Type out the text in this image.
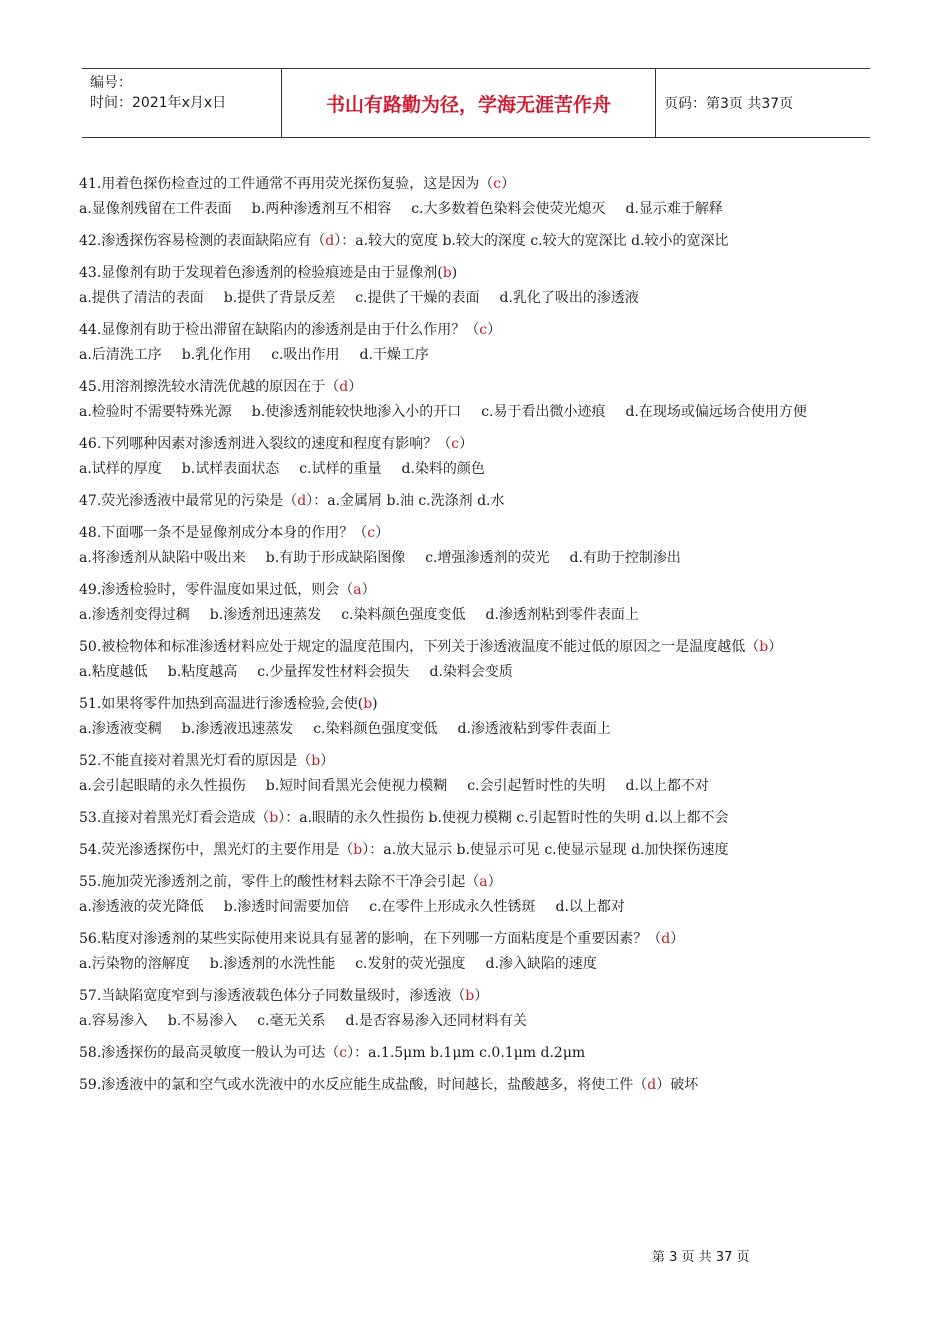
编号：
时间：2021年x月x日	书山有路勤为径，学海无涯苦作舟	页码：第3页 共37页

41.用着色探伤检查过的工件通常不再用荧光探伤复验，这是因为（c）

a.显像剂残留在工件表面 b.两种渗透剂互不相容 c.大多数着色染料会使荧光熄灭 d.显示难于解释

42.渗透探伤容易检测的表面缺陷应有（d）：a.较大的宽度 b.较大的深度 c.较大的宽深比 d.较小的宽深比

43.显像剂有助于发现着色渗透剂的检验痕迹是由于显像剂(b)

a.提供了清洁的表面 b.提供了背景反差 c.提供了干燥的表面 d.乳化了吸出的渗透液

44.显像剂有助于检出滞留在缺陷内的渗透剂是由于什么作用？（c）

a.后清洗工序 b.乳化作用 c.吸出作用 d.干燥工序

45.用溶剂擦洗较水清洗优越的原因在于（d）

a.检验时不需要特殊光源 b.使渗透剂能较快地渗入小的开口 c.易于看出微小迹痕 d.在现场或偏远场合使用方便

46.下列哪种因素对渗透剂进入裂纹的速度和程度有影响？（c）

a.试样的厚度 b.试样表面状态 c.试样的重量 d.染料的颜色

47.荧光渗透液中最常见的污染是（d）：a.金属屑 b.油 c.洗涤剂 d.水

48.下面哪一条不是显像剂成分本身的作用？（c）

a.将渗透剂从缺陷中吸出来 b.有助于形成缺陷图像 c.增强渗透剂的荧光 d.有助于控制渗出

49.渗透检验时，零件温度如果过低，则会（a）

a.渗透剂变得过稠 b.渗透剂迅速蒸发 c.染料颜色强度变低 d.渗透剂粘到零件表面上

50.被检物体和标准渗透材料应处于规定的温度范围内，下列关于渗透液温度不能过低的原因之一是温度越低（b）

a.粘度越低 b.粘度越高 c.少量挥发性材料会损失 d.染料会变质

51.如果将零件加热到高温进行渗透检验,会使(b)

a.渗透液变稠 b.渗透液迅速蒸发 c.染料颜色强度变低 d.渗透液粘到零件表面上

52.不能直接对着黑光灯看的原因是（b）

a.会引起眼睛的永久性损伤 b.短时间看黑光会使视力模糊 c.会引起暂时性的失明 d.以上都不对

53.直接对着黑光灯看会造成（b）：a.眼睛的永久性损伤 b.使视力模糊 c.引起暂时性的失明 d.以上都不会

54.荧光渗透探伤中，黑光灯的主要作用是（b）：a.放大显示 b.使显示可见 c.使显示显现 d.加快探伤速度

55.施加荧光渗透剂之前，零件上的酸性材料去除不干净会引起（a）

a.渗透液的荧光降低 b.渗透时间需要加倍 c.在零件上形成永久性锈斑 d.以上都对

56.粘度对渗透剂的某些实际使用来说具有显著的影响，在下列哪一方面粘度是个重要因素？（d）

a.污染物的溶解度 b.渗透剂的水洗性能 c.发射的荧光强度 d.渗入缺陷的速度

57.当缺陷宽度窄到与渗透液载色体分子同数量级时，渗透液（b）

a.容易渗入 b.不易渗入 c.毫无关系 d.是否容易渗入还同材料有关

58.渗透探伤的最高灵敏度一般认为可达（c）：a.1.5μm b.1μm c.0.1μm d.2μm

59.渗透液中的氯和空气或水洗液中的水反应能生成盐酸，时间越长，盐酸越多，将使工件（d）破坏

第 3 页 共 37 页
